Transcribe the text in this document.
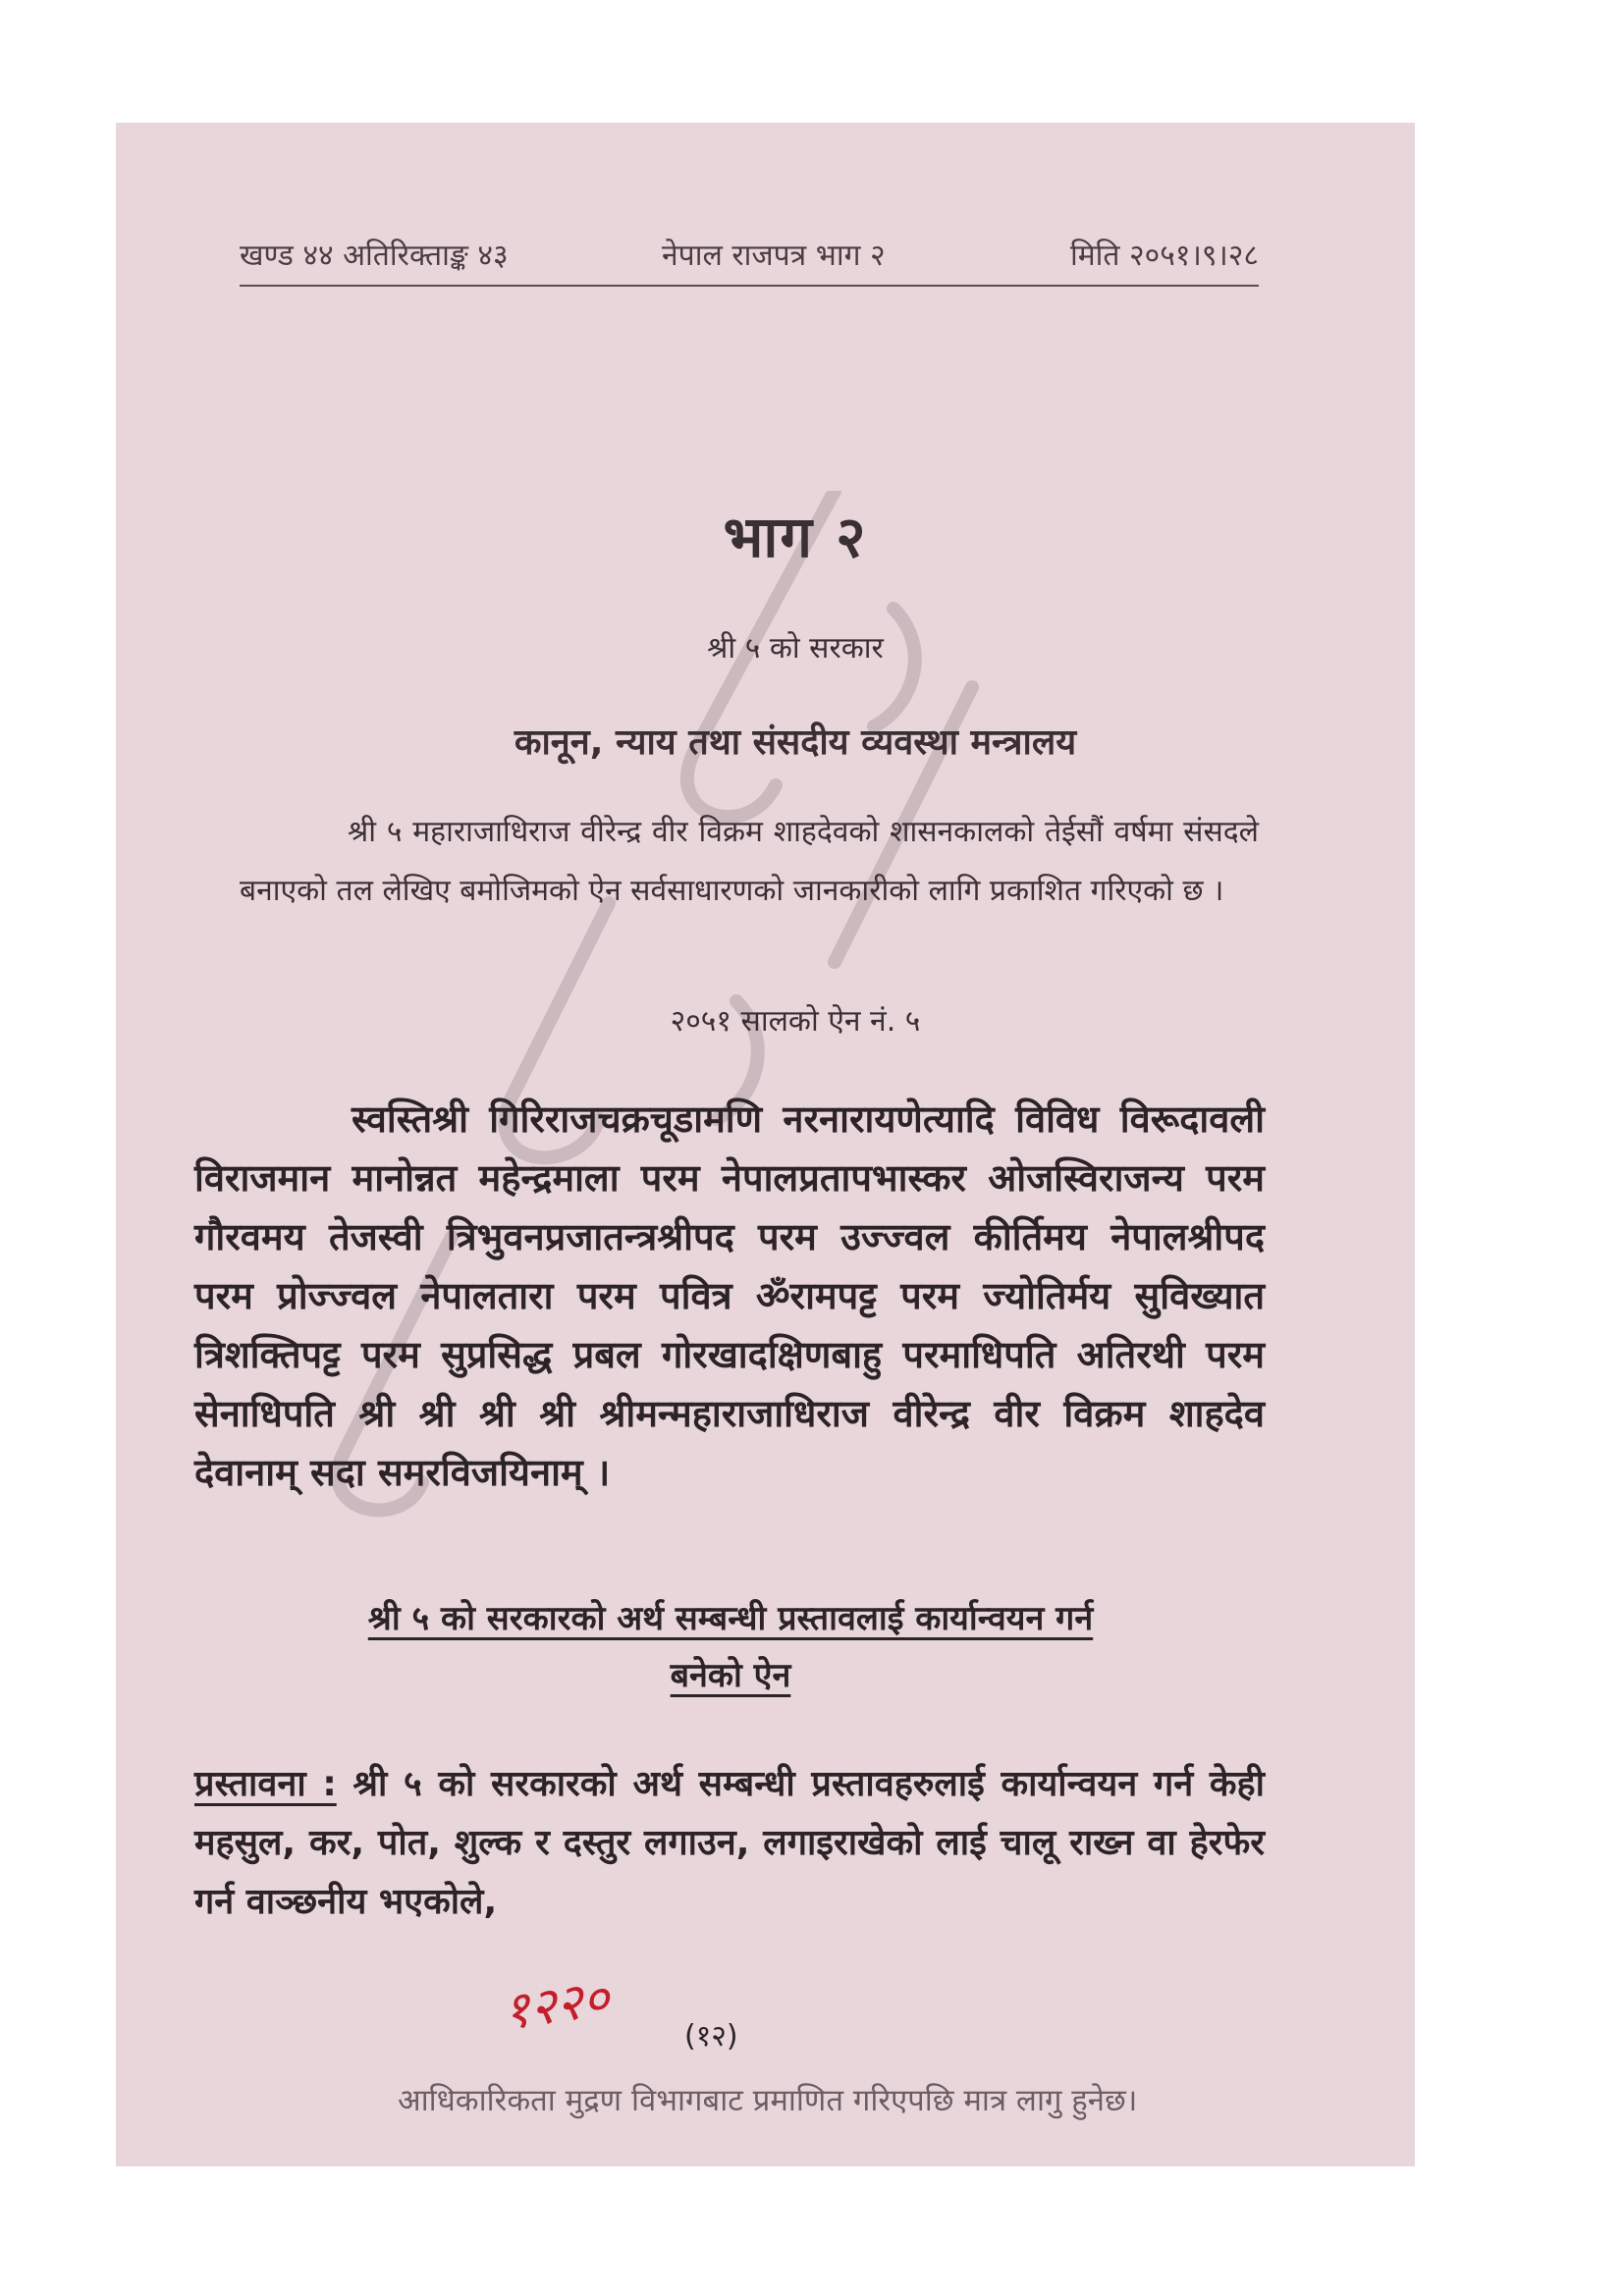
खण्ड ४४ अतिरिक्ताङ्क ४३	नेपाल राजपत्र भाग २	मिति २०५१।९।२८
भाग २
श्री ५ को सरकार
कानून, न्याय तथा संसदीय व्यवस्था मन्त्रालय
श्री ५ महाराजाधिराज वीरेन्द्र वीर विक्रम शाहदेवको शासनकालको तेईसौं वर्षमा संसदले बनाएको तल लेखिए बमोजिमको ऐन सर्वसाधारणको जानकारीको लागि प्रकाशित गरिएको छ ।
२०५१ सालको ऐन नं. ५
स्वस्तिश्री गिरिराजचक्रचूडामणि नरनारायणेत्यादि विविध विरूदावली विराजमान मानोन्नत महेन्द्रमाला परम नेपालप्रतापभास्कर ओजस्विराजन्य परम गौरवमय तेजस्वी त्रिभुवनप्रजातन्त्रश्रीपद परम उज्ज्वल कीर्तिमय नेपालश्रीपद परम प्रोज्ज्वल नेपालतारा परम पवित्र ॐरामपट्ट परम ज्योतिर्मय सुविख्यात त्रिशक्तिपट्ट परम सुप्रसिद्ध प्रबल गोरखादक्षिणबाहु परमाधिपति अतिरथी परम सेनाधिपति श्री श्री श्री श्री श्रीमन्महाराजाधिराज वीरेन्द्र वीर विक्रम शाहदेव देवानाम् सदा समरविजयिनाम् ।
श्री ५ को सरकारको अर्थ सम्बन्धी प्रस्तावलाई कार्यान्वयन गर्न
बनेको ऐन
प्रस्तावना : श्री ५ को सरकारको अर्थ सम्बन्धी प्रस्तावहरुलाई कार्यान्वयन गर्न केही महसुल, कर, पोत, शुल्क र दस्तुर लगाउन, लगाइराखेको लाई चालू राख्न वा हेरफेर गर्न वाञ्छनीय भएकोले,
१२२० (१२)
आधिकारिकता मुद्रण विभागबाट प्रमाणित गरिएपछि मात्र लागु हुनेछ।
